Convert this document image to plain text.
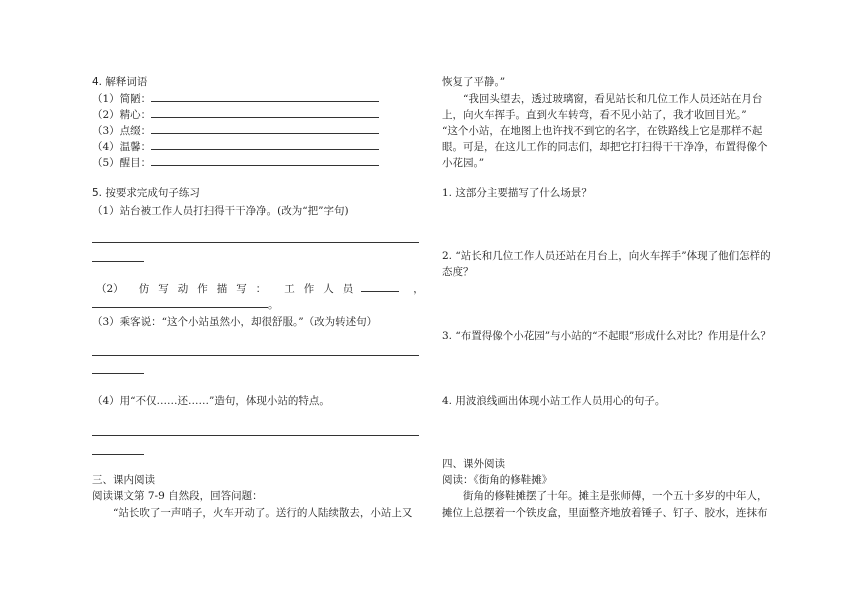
4. 解释词语
（1）简陋：
（2）精心：
（3）点缀：
（4）温馨：
（5）醒目：
5. 按要求完成句子练习
（1）站台被工作人员打扫得干干净净。(改为“把”字句)
（2） 仿写动作描写： 工作人员	，
。
（3）乘客说：“这个小站虽然小，却很舒服。”（改为转述句）
（4）用“不仅……还……”造句，体现小站的特点。
三、课内阅读
阅读课文第 7-9 自然段，回答问题：
“站长吹了一声哨子，火车开动了。送行的人陆续散去，小站上又
恢复了平静。”
“我回头望去，透过玻璃窗，看见站长和几位工作人员还站在月台
上，向火车挥手。直到火车转弯，看不见小站了，我才收回目光。”
“这个小站，在地图上也许找不到它的名字，在铁路线上它是那样不起
眼。可是，在这儿工作的同志们，却把它打扫得干干净净，布置得像个
小花园。”
1. 这部分主要描写了什么场景？
2. “站长和几位工作人员还站在月台上，向火车挥手”体现了他们怎样的
态度？
3. “布置得像个小花园”与小站的“不起眼”形成什么对比？作用是什么？
4. 用波浪线画出体现小站工作人员用心的句子。
四、课外阅读
阅读：《街角的修鞋摊》
街角的修鞋摊摆了十年。摊主是张师傅，一个五十多岁的中年人，
摊位上总摆着一个铁皮盒，里面整齐地放着锤子、钉子、胶水，连抹布
